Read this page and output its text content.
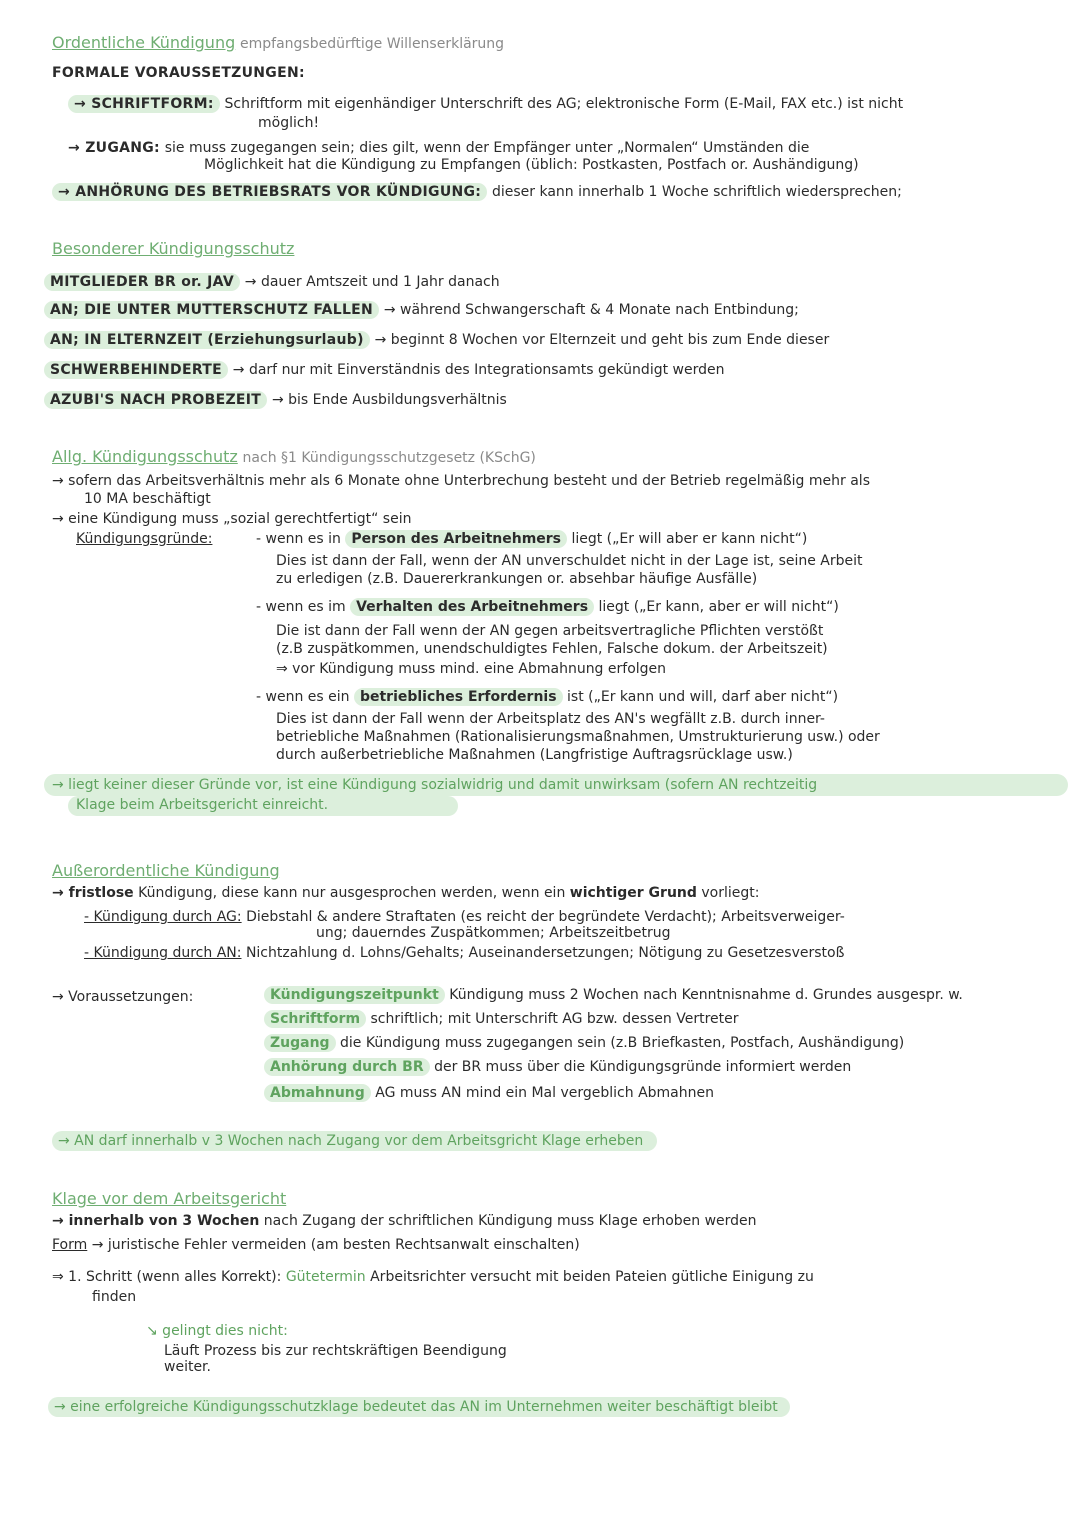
Ordentliche Kündigung empfangsbedürftige Willenserklärung
FORMALE VORAUSSETZUNGEN:
→ SCHRIFTFORM: Schriftform mit eigenhändiger Unterschrift des AG; elektronische Form (E-Mail, FAX etc.) ist nicht
möglich!
→ ZUGANG: sie muss zugegangen sein; dies gilt, wenn der Empfänger unter „Normalen“ Umständen die
Möglichkeit hat die Kündigung zu Empfangen (üblich: Postkasten, Postfach or. Aushändigung)
→ ANHÖRUNG DES BETRIEBSRATS VOR KÜNDIGUNG: dieser kann innerhalb 1 Woche schriftlich wiedersprechen;
Besonderer Kündigungsschutz
MITGLIEDER BR or. JAV → dauer Amtszeit und 1 Jahr danach
AN; DIE UNTER MUTTERSCHUTZ FALLEN → während Schwangerschaft & 4 Monate nach Entbindung;
AN; IN ELTERNZEIT (Erziehungsurlaub) → beginnt 8 Wochen vor Elternzeit und geht bis zum Ende dieser
SCHWERBEHINDERTE → darf nur mit Einverständnis des Integrationsamts gekündigt werden
AZUBI'S NACH PROBEZEIT → bis Ende Ausbildungsverhältnis
Allg. Kündigungsschutz nach §1 Kündigungsschutzgesetz (KSchG)
→ sofern das Arbeitsverhältnis mehr als 6 Monate ohne Unterbrechung besteht und der Betrieb regelmäßig mehr als
10 MA beschäftigt
→ eine Kündigung muss „sozial gerechtfertigt“ sein
Kündigungsgründe:	- wenn es in Person des Arbeitnehmers liegt („Er will aber er kann nicht“)
Dies ist dann der Fall, wenn der AN unverschuldet nicht in der Lage ist, seine Arbeit
zu erledigen (z.B. Dauererkrankungen or. absehbar häufige Ausfälle)
- wenn es im Verhalten des Arbeitnehmers liegt („Er kann, aber er will nicht“)
Die ist dann der Fall wenn der AN gegen arbeitsvertragliche Pflichten verstößt
(z.B zuspätkommen, unendschuldigtes Fehlen, Falsche dokum. der Arbeitszeit)
⇒ vor Kündigung muss mind. eine Abmahnung erfolgen
- wenn es ein betriebliches Erfordernis ist („Er kann und will, darf aber nicht“)
Dies ist dann der Fall wenn der Arbeitsplatz des AN's wegfällt z.B. durch inner-
betriebliche Maßnahmen (Rationalisierungsmaßnahmen, Umstrukturierung usw.) oder
durch außerbetriebliche Maßnahmen (Langfristige Auftragsrücklage usw.)
→ liegt keiner dieser Gründe vor, ist eine Kündigung sozialwidrig und damit unwirksam (sofern AN rechtzeitig
Klage beim Arbeitsgericht einreicht.
Außerordentliche Kündigung
→ fristlose Kündigung, diese kann nur ausgesprochen werden, wenn ein wichtiger Grund vorliegt:
- Kündigung durch AG: Diebstahl & andere Straftaten (es reicht der begründete Verdacht); Arbeitsverweiger-
ung; dauerndes Zuspätkommen; Arbeitszeitbetrug
- Kündigung durch AN: Nichtzahlung d. Lohns/Gehalts; Auseinandersetzungen; Nötigung zu Gesetzesverstoß
→ Voraussetzungen:	Kündigungszeitpunkt Kündigung muss 2 Wochen nach Kenntnisnahme d. Grundes ausgespr. w.
Schriftform schriftlich; mit Unterschrift AG bzw. dessen Vertreter
Zugang die Kündigung muss zugegangen sein (z.B Briefkasten, Postfach, Aushändigung)
Anhörung durch BR der BR muss über die Kündigungsgründe informiert werden
Abmahnung AG muss AN mind ein Mal vergeblich Abmahnen
→ AN darf innerhalb v 3 Wochen nach Zugang vor dem Arbeitsgricht Klage erheben
Klage vor dem Arbeitsgericht
→ innerhalb von 3 Wochen nach Zugang der schriftlichen Kündigung muss Klage erhoben werden
Form → juristische Fehler vermeiden (am besten Rechtsanwalt einschalten)
⇒ 1. Schritt (wenn alles Korrekt): Gütetermin Arbeitsrichter versucht mit beiden Pateien gütliche Einigung zu
finden
↘ gelingt dies nicht:
Läuft Prozess bis zur rechtskräftigen Beendigung
weiter.
→ eine erfolgreiche Kündigungsschutzklage bedeutet das AN im Unternehmen weiter beschäftigt bleibt
